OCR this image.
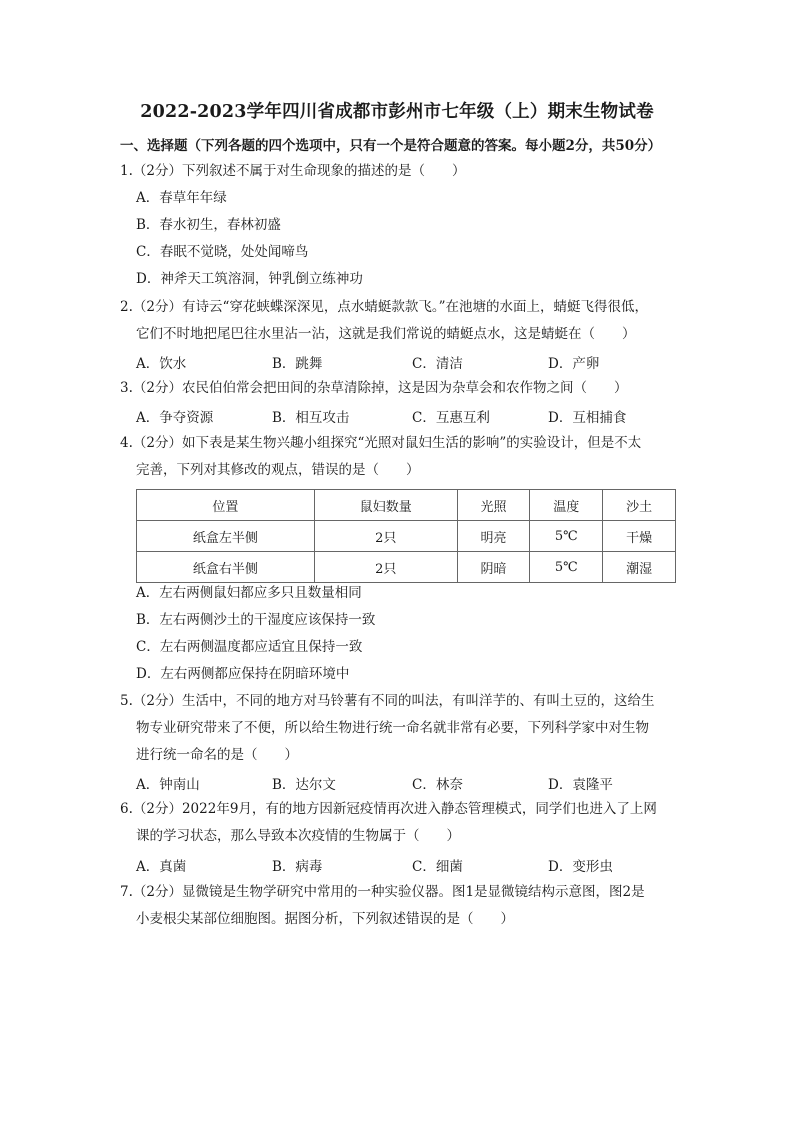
2022-2023学年四川省成都市彭州市七年级（上）期末生物试卷
一、选择题（下列各题的四个选项中，只有一个是符合题意的答案。每小题2分，共50分）
1.（2分）下列叙述不属于对生命现象的描述的是（　　）
A．春草年年绿
B．春水初生，春林初盛
C．春眠不觉晓，处处闻啼鸟
D．神斧天工筑溶洞，钟乳倒立练神功
2.（2分）有诗云“穿花蛱蝶深深见，点水蜻蜓款款飞。”在池塘的水面上，蜻蜓飞得很低，
它们不时地把尾巴往水里沾一沾，这就是我们常说的蜻蜓点水，这是蜻蜓在（　　）
A．饮水	B．跳舞	C．清洁	D．产卵
3.（2分）农民伯伯常会把田间的杂草清除掉，这是因为杂草会和农作物之间（　　）
A．争夺资源	B．相互攻击	C．互惠互利	D．互相捕食
4.（2分）如下表是某生物兴趣小组探究“光照对鼠妇生活的影响”的实验设计，但是不太
完善，下列对其修改的观点，错误的是（　　）
位置	鼠妇数量	光照	温度	沙土
纸盒左半侧	2只	明亮	5℃	干燥
纸盒右半侧	2只	阴暗	5℃	潮湿
A．左右两侧鼠妇都应多只且数量相同
B．左右两侧沙土的干湿度应该保持一致
C．左右两侧温度都应适宜且保持一致
D．左右两侧都应保持在阴暗环境中
5.（2分）生活中，不同的地方对马铃薯有不同的叫法，有叫洋芋的、有叫土豆的，这给生
物专业研究带来了不便，所以给生物进行统一命名就非常有必要，下列科学家中对生物
进行统一命名的是（　　）
A．钟南山	B．达尔文	C．林奈	D．袁隆平
6.（2分）2022年9月，有的地方因新冠疫情再次进入静态管理模式，同学们也进入了上网
课的学习状态，那么导致本次疫情的生物属于（　　）
A．真菌	B．病毒	C．细菌	D．变形虫
7.（2分）显微镜是生物学研究中常用的一种实验仪器。图1是显微镜结构示意图，图2是
小麦根尖某部位细胞图。据图分析，下列叙述错误的是（　　）
